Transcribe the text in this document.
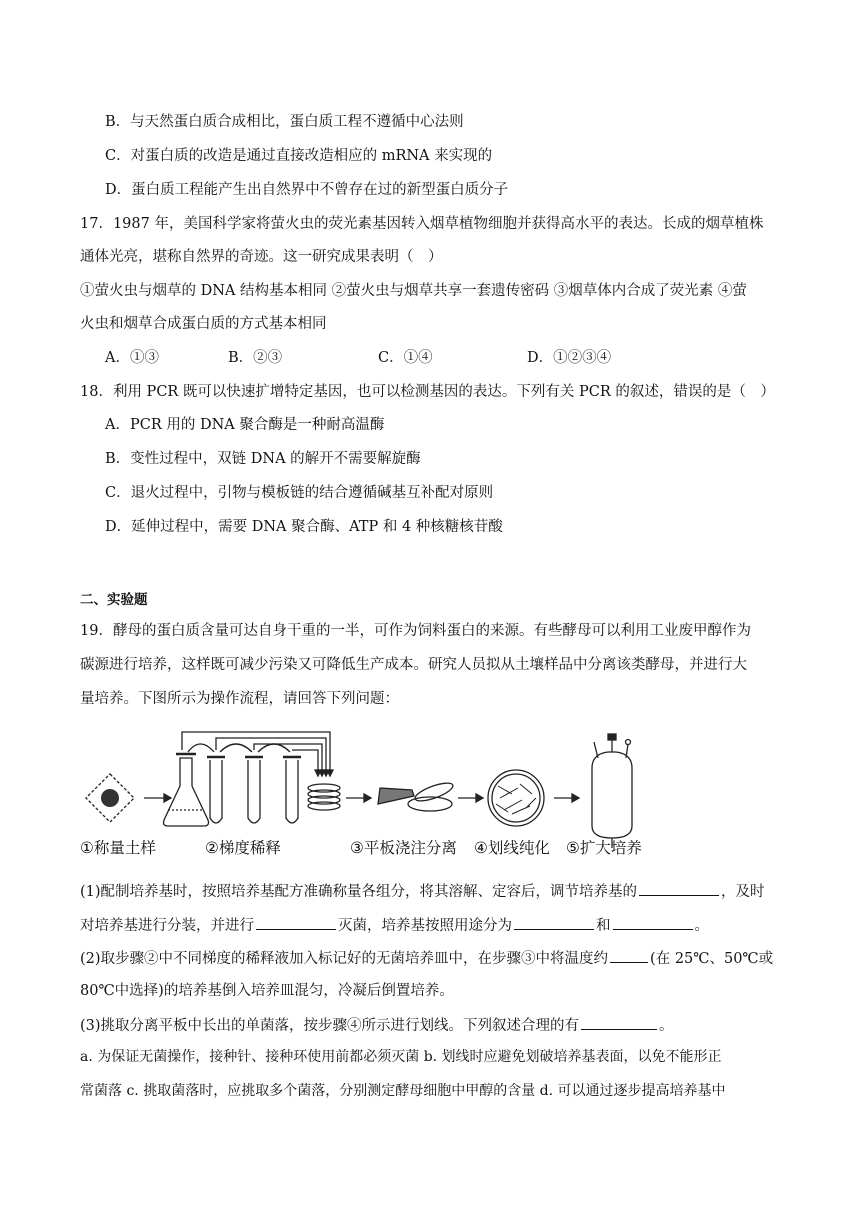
B．与天然蛋白质合成相比，蛋白质工程不遵循中心法则
C．对蛋白质的改造是通过直接改造相应的 mRNA 来实现的
D．蛋白质工程能产生出自然界中不曾存在过的新型蛋白质分子
17．1987 年，美国科学家将萤火虫的荧光素基因转入烟草植物细胞并获得高水平的表达。长成的烟草植株
通体光亮，堪称自然界的奇迹。这一研究成果表明（　）
①萤火虫与烟草的 DNA 结构基本相同 ②萤火虫与烟草共享一套遗传密码 ③烟草体内合成了荧光素 ④萤
火虫和烟草合成蛋白质的方式基本相同
A．①③	B．②③	C．①④	D．①②③④
18．利用 PCR 既可以快速扩增特定基因，也可以检测基因的表达。下列有关 PCR 的叙述，错误的是（　）
A．PCR 用的 DNA 聚合酶是一种耐高温酶
B．变性过程中，双链 DNA 的解开不需要解旋酶
C．退火过程中，引物与模板链的结合遵循碱基互补配对原则
D．延伸过程中，需要 DNA 聚合酶、ATP 和 4 种核糖核苷酸
二、实验题
19．酵母的蛋白质含量可达自身干重的一半，可作为饲料蛋白的来源。有些酵母可以利用工业废甲醇作为
碳源进行培养，这样既可减少污染又可降低生产成本。研究人员拟从土壤样品中分离该类酵母，并进行大
量培养。下图所示为操作流程，请回答下列问题：
①称量土样	②梯度稀释	③平板浇注分离 ④划线纯化 ⑤扩大培养
(1)配制培养基时，按照培养基配方准确称量各组分，将其溶解、定容后，调节培养基的	，及时
对培养基进行分装，并进行	灭菌，培养基按照用途分为	和	。
(2)取步骤②中不同梯度的稀释液加入标记好的无菌培养皿中，在步骤③中将温度约	(在 25℃、50℃或
80℃中选择)的培养基倒入培养皿混匀，冷凝后倒置培养。
(3)挑取分离平板中长出的单菌落，按步骤④所示进行划线。下列叙述合理的有	。
a. 为保证无菌操作，接种针、接种环使用前都必须灭菌 b. 划线时应避免划破培养基表面，以免不能形正
常菌落 c. 挑取菌落时，应挑取多个菌落，分别测定酵母细胞中甲醇的含量 d. 可以通过逐步提高培养基中
